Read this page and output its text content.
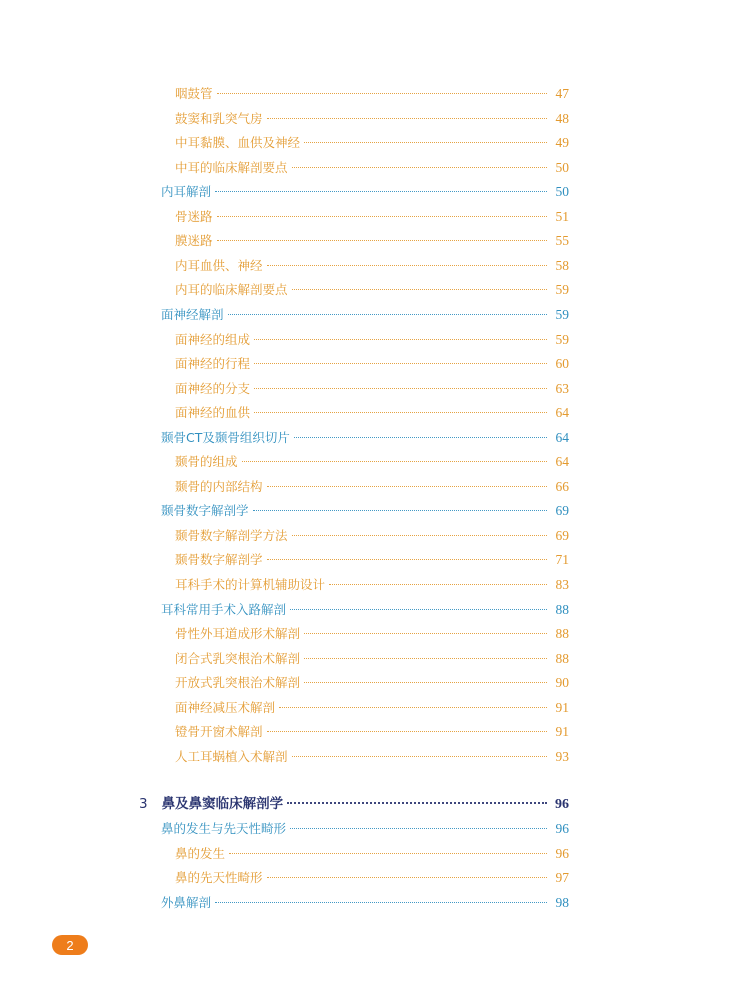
咽鼓管	47
鼓窦和乳突气房	48
中耳黏膜、血供及神经	49
中耳的临床解剖要点	50
内耳解剖	50
骨迷路	51
膜迷路	55
内耳血供、神经	58
内耳的临床解剖要点	59
面神经解剖	59
面神经的组成	59
面神经的行程	60
面神经的分支	63
面神经的血供	64
颞骨CT及颞骨组织切片	64
颞骨的组成	64
颞骨的内部结构	66
颞骨数字解剖学	69
颞骨数字解剖学方法	69
颞骨数字解剖学	71
耳科手术的计算机辅助设计	83
耳科常用手术入路解剖	88
骨性外耳道成形术解剖	88
闭合式乳突根治术解剖	88
开放式乳突根治术解剖	90
面神经减压术解剖	91
镫骨开窗术解剖	91
人工耳蜗植入术解剖	93
3 鼻及鼻窦临床解剖学	96
鼻的发生与先天性畸形	96
鼻的发生	96
鼻的先天性畸形	97
外鼻解剖	98
2
